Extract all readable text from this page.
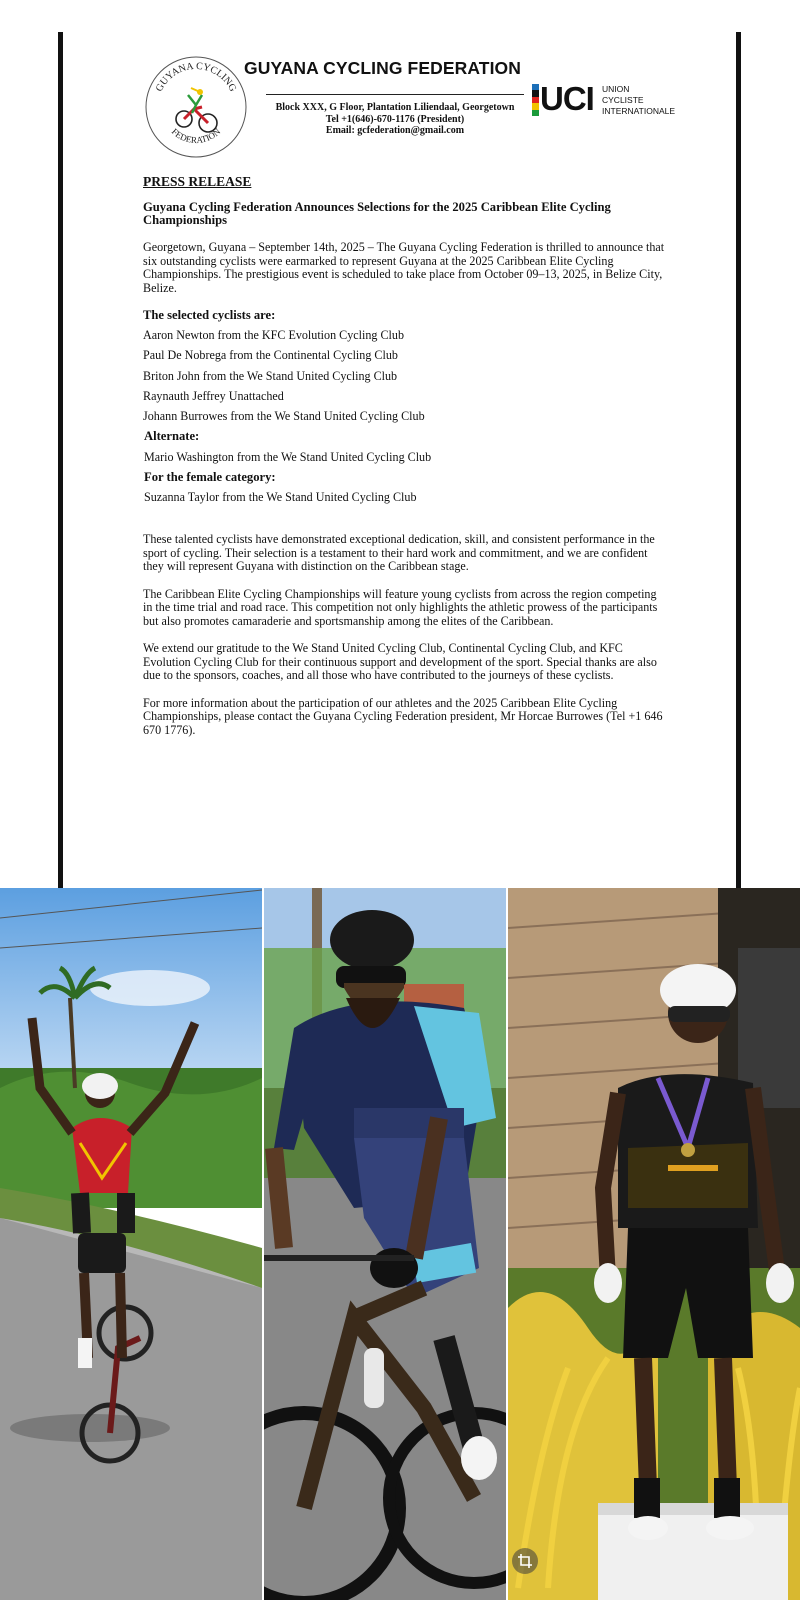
GUYANA CYCLING
FEDERATION
GUYANA CYCLING FEDERATION
Block XXX, G Floor, Plantation Liliendaal, Georgetown
Tel +1(646)-670-1176 (President)
Email: gcfederation@gmail.com
UCI UNION
CYCLISTE
INTERNATIONALE
PRESS RELEASE
Guyana Cycling Federation Announces Selections for the 2025 Caribbean Elite Cycling Championships
Georgetown, Guyana – September 14th, 2025 – The Guyana Cycling Federation is thrilled to announce that six outstanding cyclists were earmarked to represent Guyana at the 2025 Caribbean Elite Cycling Championships. The prestigious event is scheduled to take place from October 09–13, 2025, in Belize City, Belize.
The selected cyclists are:
Aaron Newton from the KFC Evolution Cycling Club
Paul De Nobrega from the Continental Cycling Club
Briton John from the We Stand United Cycling Club
Raynauth Jeffrey Unattached
Johann Burrowes from the We Stand United Cycling Club
Alternate:
Mario Washington from the We Stand United Cycling Club
For the female category:
Suzanna Taylor from the We Stand United Cycling Club
These talented cyclists have demonstrated exceptional dedication, skill, and consistent performance in the sport of cycling. Their selection is a testament to their hard work and commitment, and we are confident they will represent Guyana with distinction on the Caribbean stage.
The Caribbean Elite Cycling Championships will feature young cyclists from across the region competing in the time trial and road race. This competition not only highlights the athletic prowess of the participants but also promotes camaraderie and sportsmanship among the elites of the Caribbean.
We extend our gratitude to the We Stand United Cycling Club, Continental Cycling Club, and KFC Evolution Cycling Club for their continuous support and development of the sport. Special thanks are also due to the sponsors, coaches, and all those who have contributed to the journeys of these cyclists.
For more information about the participation of our athletes and the 2025 Caribbean Elite Cycling Championships, please contact the Guyana Cycling Federation president, Mr Horcae Burrowes (Tel +1 646 670 1776).
